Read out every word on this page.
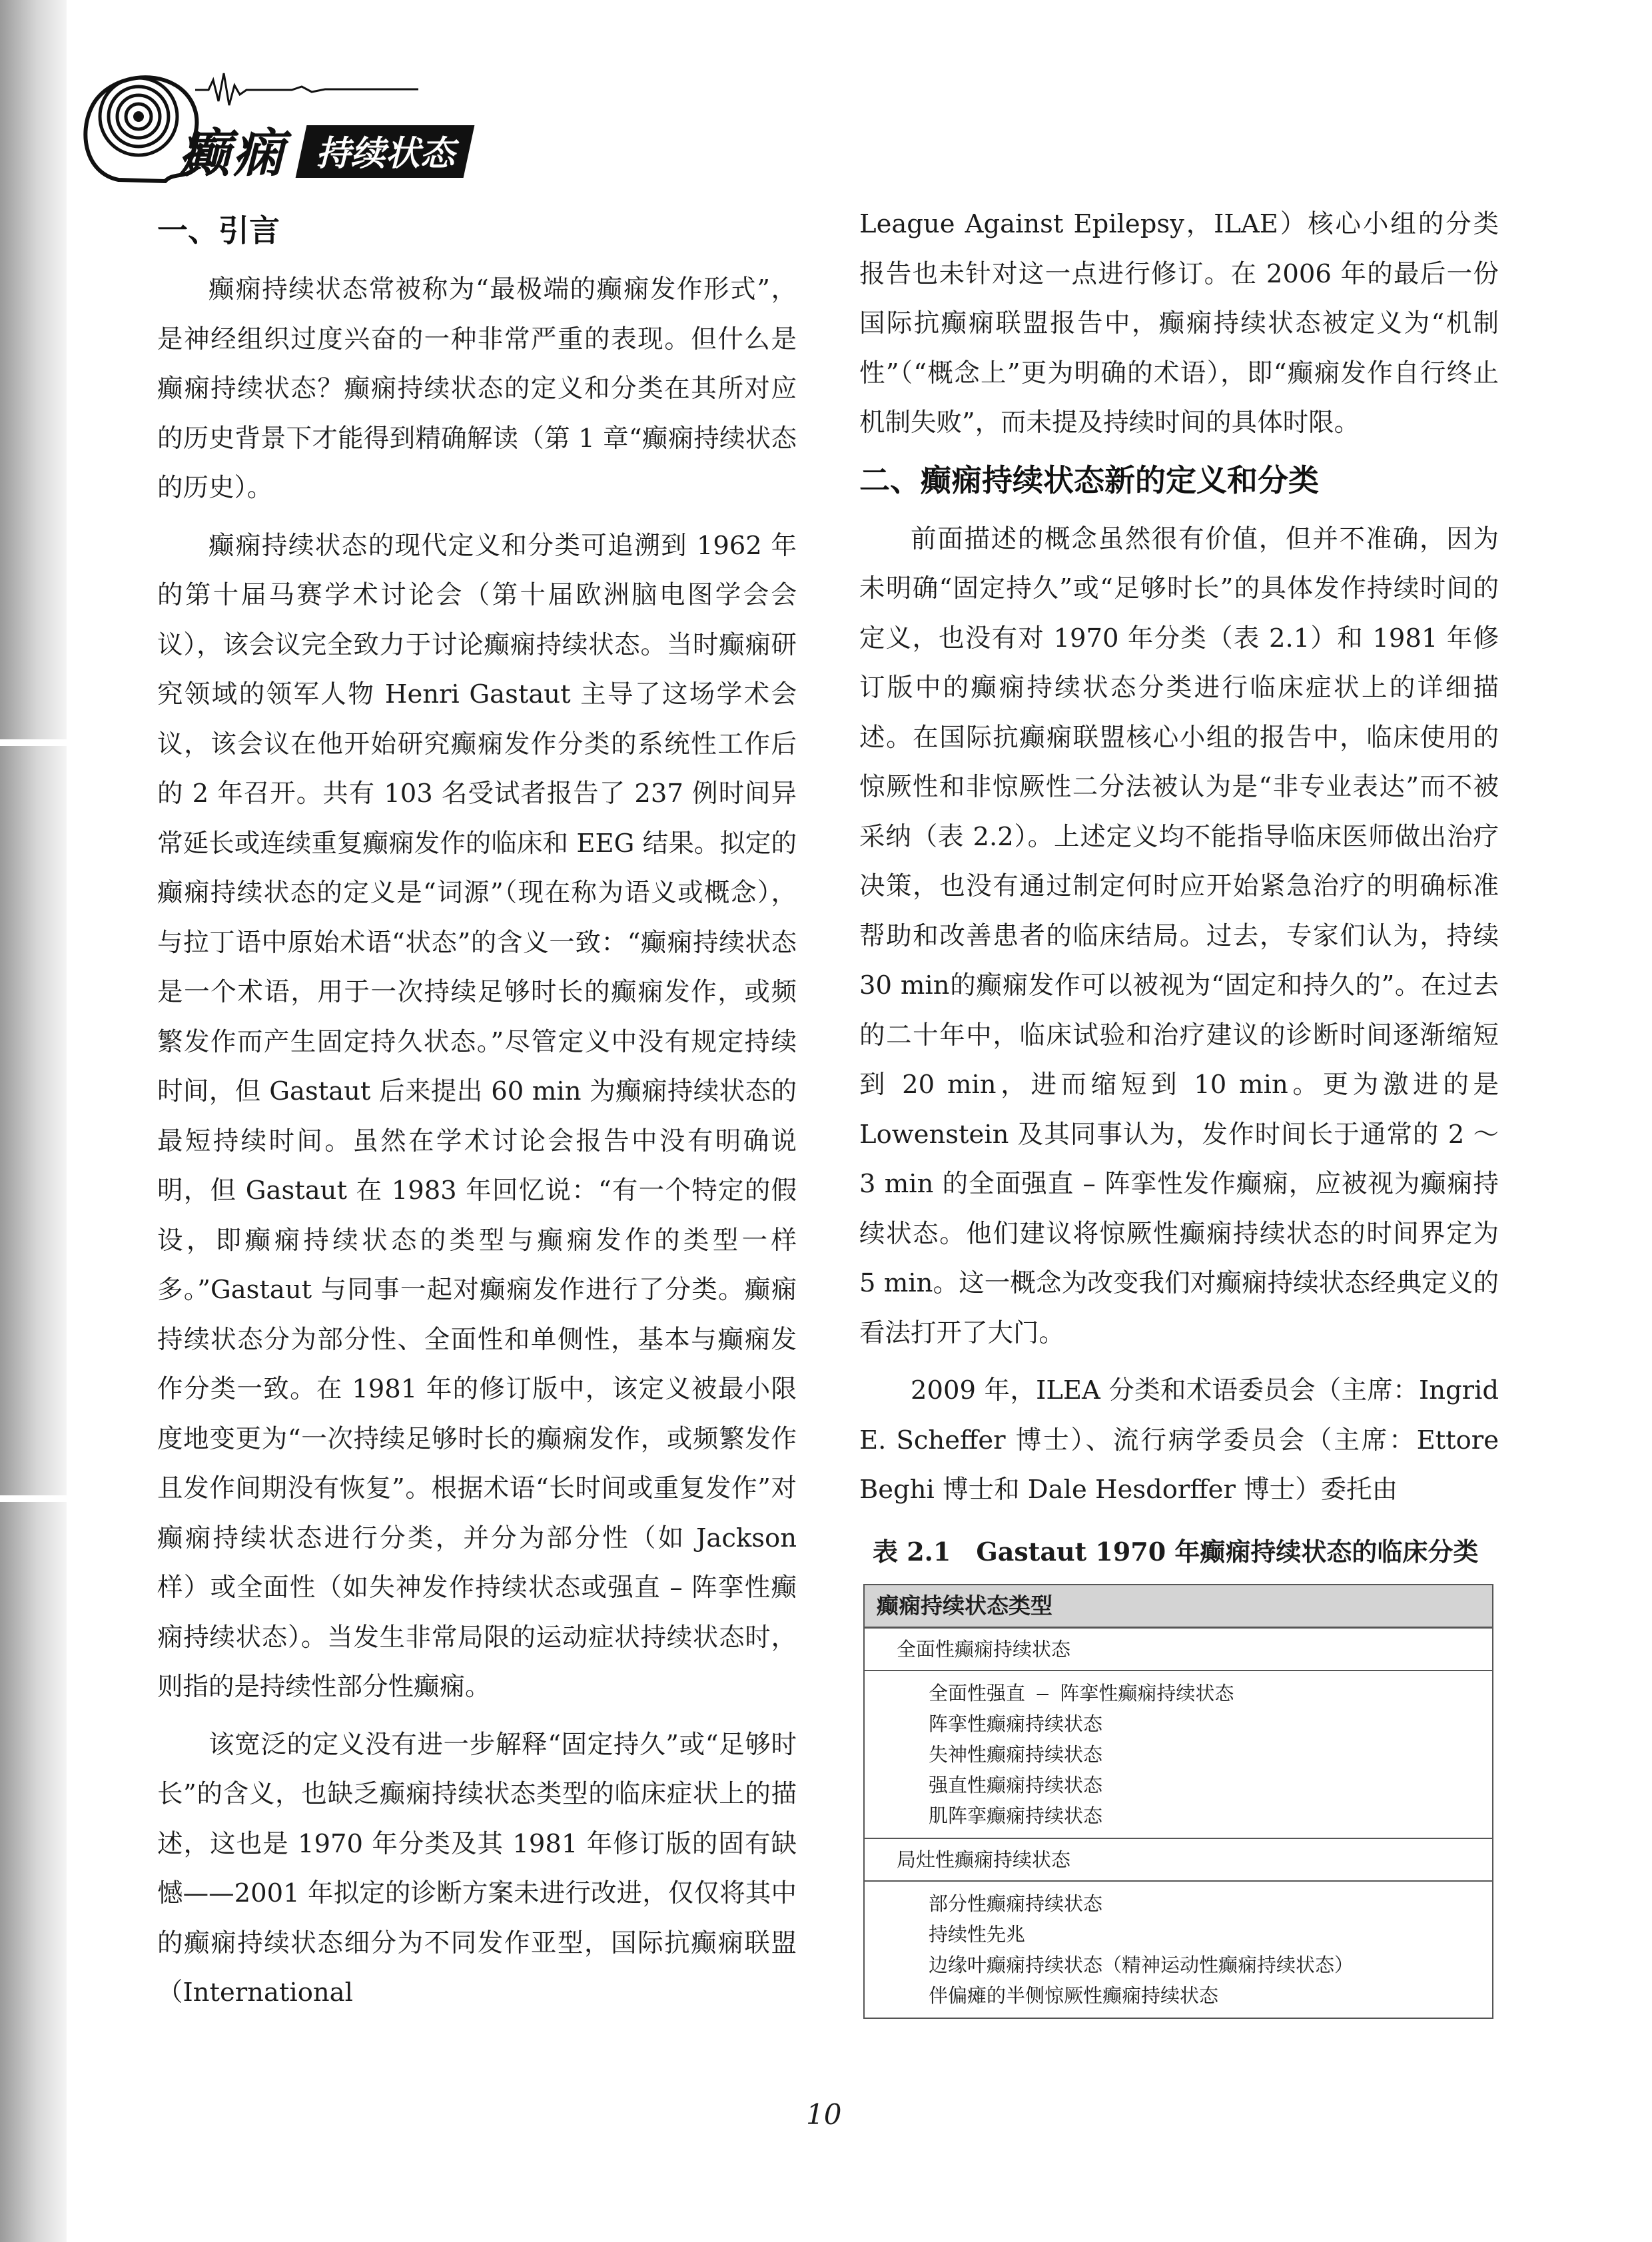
癫痫 持续状态
一、引言

癫痫持续状态常被称为“最极端的癫痫发作形式”，是神经组织过度兴奋的一种非常严重的表现。但什么是癫痫持续状态？癫痫持续状态的定义和分类在其所对应的历史背景下才能得到精确解读（第 1 章“癫痫持续状态的历史）。

癫痫持续状态的现代定义和分类可追溯到 1962 年的第十届马赛学术讨论会（第十届欧洲脑电图学会会议），该会议完全致力于讨论癫痫持续状态。当时癫痫研究领域的领军人物 Henri Gastaut 主导了这场学术会议，该会议在他开始研究癫痫发作分类的系统性工作后的 2 年召开。共有 103 名受试者报告了 237 例时间异常延长或连续重复癫痫发作的临床和 EEG 结果。拟定的癫痫持续状态的定义是“词源”（现在称为语义或概念），与拉丁语中原始术语“状态”的含义一致：“癫痫持续状态是一个术语，用于一次持续足够时长的癫痫发作，或频繁发作而产生固定持久状态。”尽管定义中没有规定持续时间，但 Gastaut 后来提出 60 min 为癫痫持续状态的最短持续时间。虽然在学术讨论会报告中没有明确说明，但 Gastaut 在 1983 年回忆说：“有一个特定的假设，即癫痫持续状态的类型与癫痫发作的类型一样多。”Gastaut 与同事一起对癫痫发作进行了分类。癫痫持续状态分为部分性、全面性和单侧性，基本与癫痫发作分类一致。在 1981 年的修订版中，该定义被最小限度地变更为“一次持续足够时长的癫痫发作，或频繁发作且发作间期没有恢复”。根据术语“长时间或重复发作”对癫痫持续状态进行分类，并分为部分性（如 Jackson 样）或全面性（如失神发作持续状态或强直 – 阵挛性癫痫持续状态）。当发生非常局限的运动症状持续状态时，则指的是持续性部分性癫痫。

该宽泛的定义没有进一步解释“固定持久”或“足够时长”的含义，也缺乏癫痫持续状态类型的临床症状上的描述，这也是 1970 年分类及其 1981 年修订版的固有缺憾——2001 年拟定的诊断方案未进行改进，仅仅将其中的癫痫持续状态细分为不同发作亚型，国际抗癫痫联盟（International

League Against Epilepsy，ILAE）核心小组的分类报告也未针对这一点进行修订。在 2006 年的最后一份国际抗癫痫联盟报告中，癫痫持续状态被定义为“机制性”（“概念上”更为明确的术语），即“癫痫发作自行终止机制失败”，而未提及持续时间的具体时限。

二、癫痫持续状态新的定义和分类

前面描述的概念虽然很有价值，但并不准确，因为未明确“固定持久”或“足够时长”的具体发作持续时间的定义，也没有对 1970 年分类（表 2.1）和 1981 年修订版中的癫痫持续状态分类进行临床症状上的详细描述。在国际抗癫痫联盟核心小组的报告中，临床使用的惊厥性和非惊厥性二分法被认为是“非专业表达”而不被采纳（表 2.2）。上述定义均不能指导临床医师做出治疗决策，也没有通过制定何时应开始紧急治疗的明确标准帮助和改善患者的临床结局。过去，专家们认为，持续30 min的癫痫发作可以被视为“固定和持久的”。在过去的二十年中，临床试验和治疗建议的诊断时间逐渐缩短到 20 min，进而缩短到 10 min。更为激进的是 Lowenstein 及其同事认为，发作时间长于通常的 2 ～ 3 min 的全面强直 – 阵挛性发作癫痫，应被视为癫痫持续状态。他们建议将惊厥性癫痫持续状态的时间界定为 5 min。这一概念为改变我们对癫痫持续状态经典定义的看法打开了大门。

2009 年，ILEA 分类和术语委员会（主席：Ingrid E. Scheffer 博士）、流行病学委员会（主席：Ettore Beghi 博士和 Dale Hesdorffer 博士）委托由

表 2.1　Gastaut 1970 年癫痫持续状态的临床分类
癫痫持续状态类型
全面性癫痫持续状态

全面性强直 – 阵挛性癫痫持续状态
阵挛性癫痫持续状态
失神性癫痫持续状态
强直性癫痫持续状态
肌阵挛癫痫持续状态

局灶性癫痫持续状态

部分性癫痫持续状态
持续性先兆
边缘叶癫痫持续状态（精神运动性癫痫持续状态）
伴偏瘫的半侧惊厥性癫痫持续状态
10
